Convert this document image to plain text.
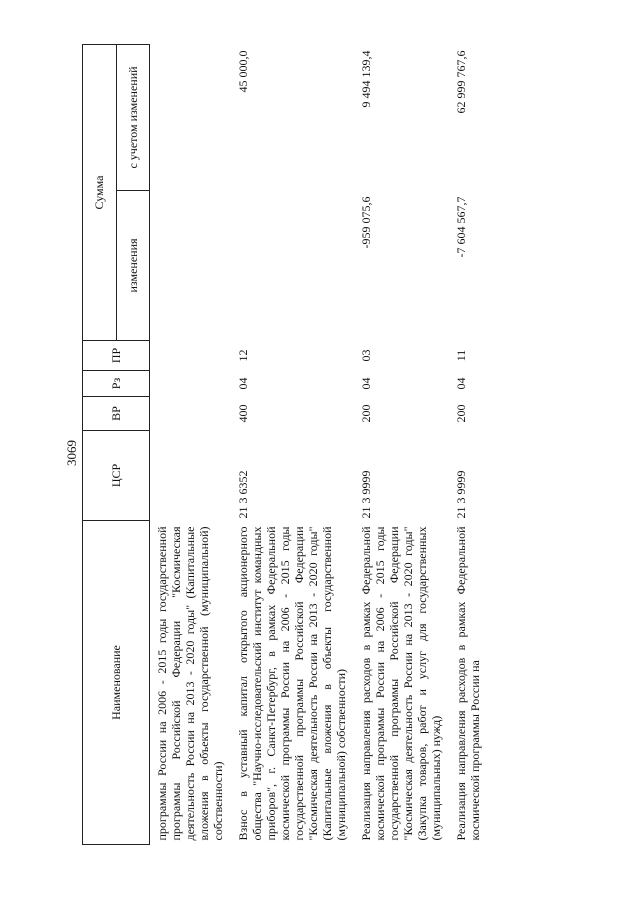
3069
Наименование	ЦСР	ВР	Рз	ПР	Сумма	
					изменения	с учетом изменений
программы России на 2006 - 2015 годы государственной программы Российской Федерации "Космическая деятельность России на 2013 - 2020 годы" (Капитальные вложения в объекты государственной (муниципальной) собственности)						
Взнос в уставный капитал открытого акционерного общества "Научно-исследовательский институт командных приборов", г. Санкт-Петербург, в рамках Федеральной космической программы России на 2006 - 2015 годы государственной программы Российской Федерации "Космическая деятельность России на 2013 - 2020 годы" (Капитальные вложения в объекты государственной (муниципальной) собственности)	21 3 6352	400	04	12		45 000,0
Реализация направления расходов в рамках Федеральной космической программы России на 2006 - 2015 годы государственной программы Российской Федерации "Космическая деятельность России на 2013 - 2020 годы" (Закупка товаров, работ и услуг для государственных (муниципальных) нужд)	21 3 9999	200	04	03	-959 075,6	9 494 139,4
Реализация направления расходов в рамках Федеральной космической программы России на	21 3 9999	200	04	11	-7 604 567,7	62 999 767,6
